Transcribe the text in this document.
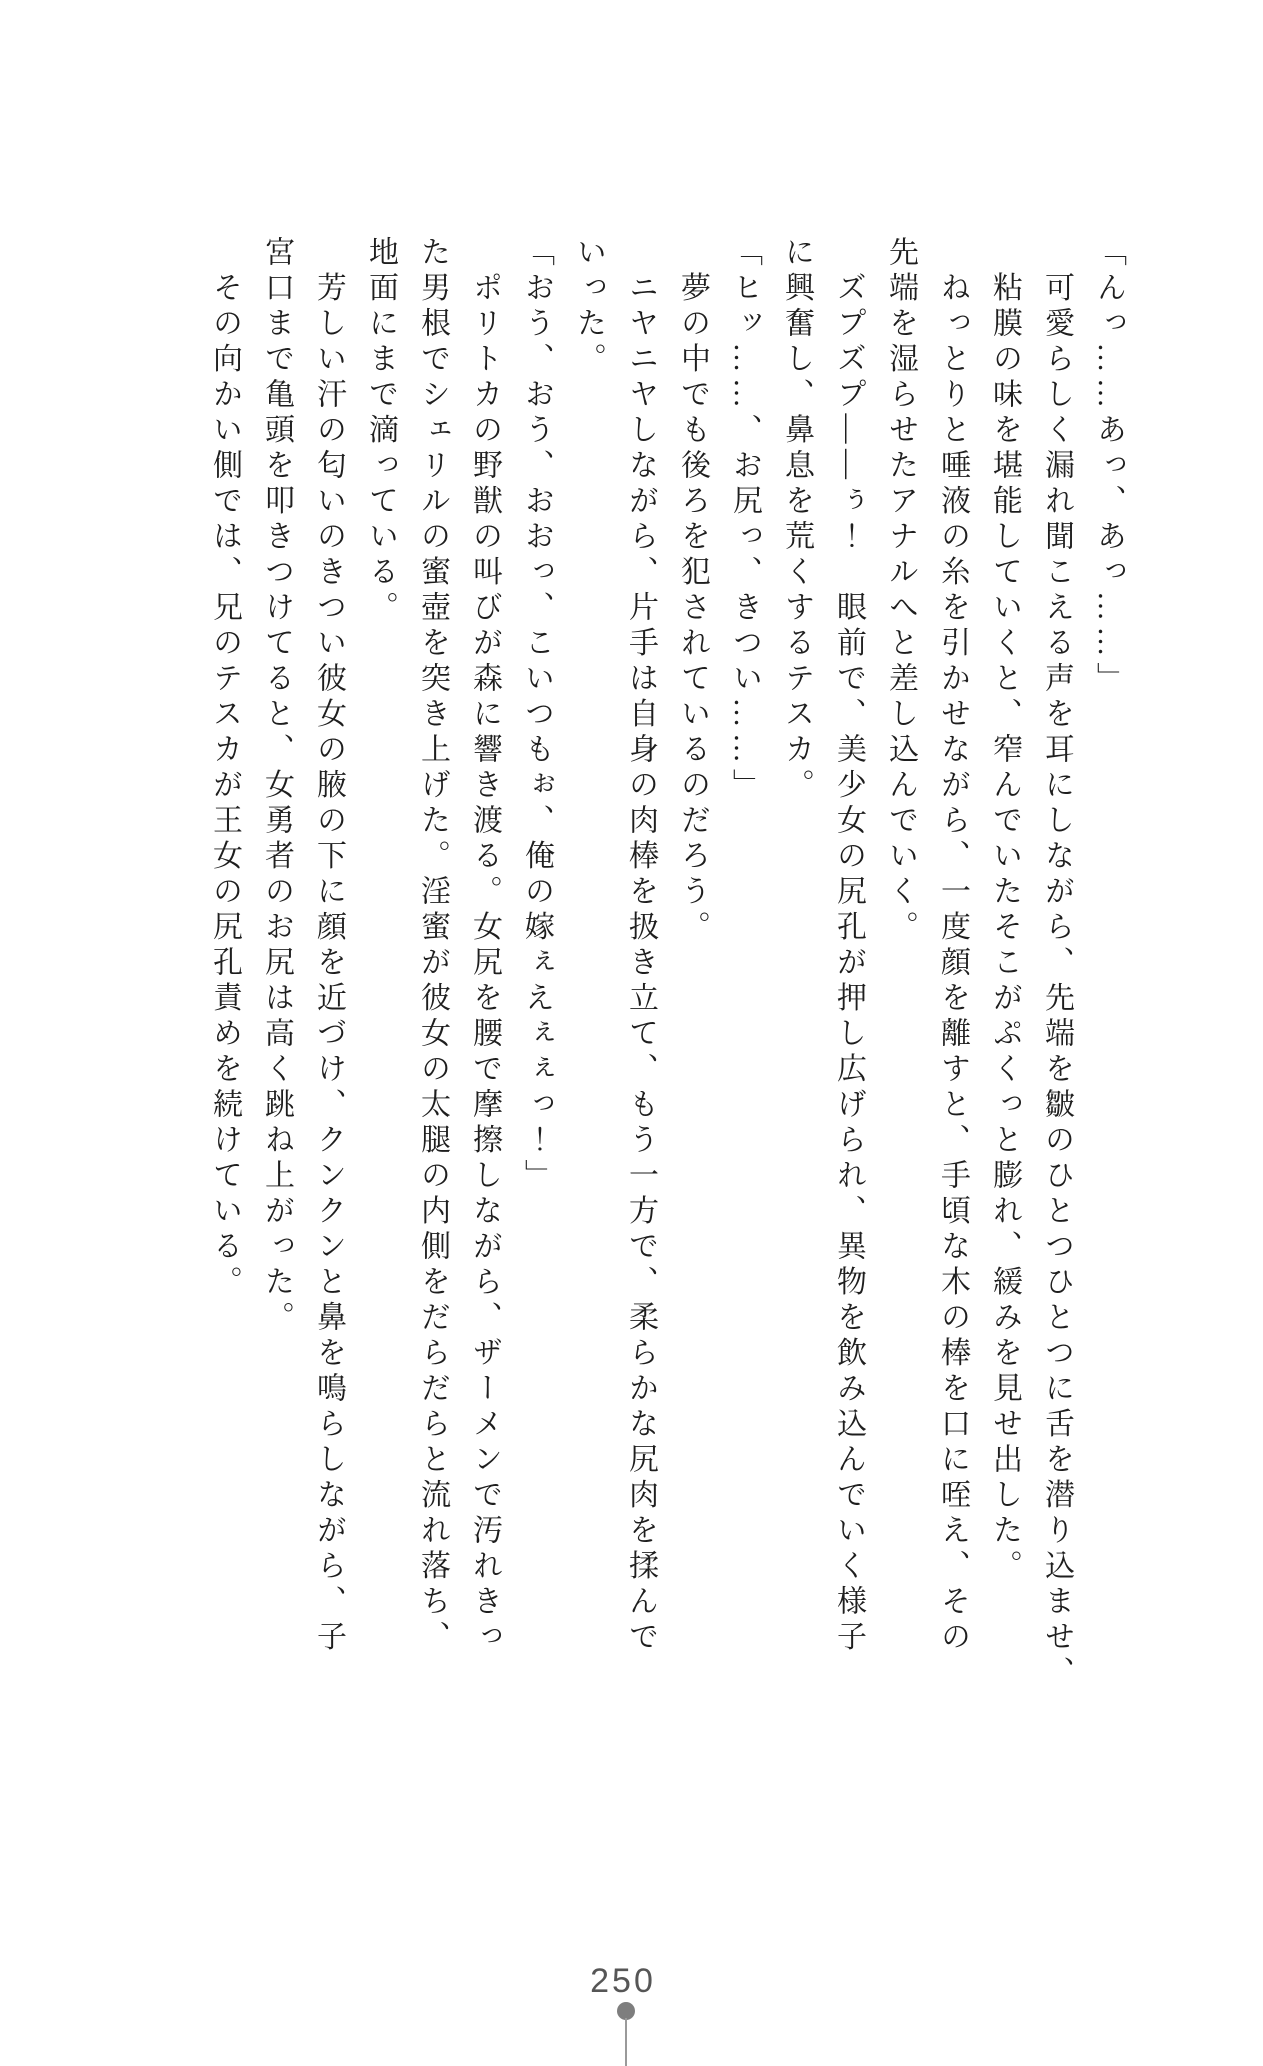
「んっ……あっ、あっ……」
　可愛らしく漏れ聞こえる声を耳にしながら、先端を皺のひとつひとつに舌を潜り込ませ、
　粘膜の味を堪能していくと、窄んでいたそこがぷくっと膨れ、緩みを見せ出した。
　ねっとりと唾液の糸を引かせながら、一度顔を離すと、手頃な木の棒を口に咥え、その
先端を湿らせたアナルへと差し込んでいく。
　ズプズプ――ぅ！　眼前で、美少女の尻孔が押し広げられ、異物を飲み込んでいく様子
に興奮し、鼻息を荒くするテスカ。
「ヒッ……、お尻っ、きつい……」
　夢の中でも後ろを犯されているのだろう。
　ニヤニヤしながら、片手は自身の肉棒を扱き立て、もう一方で、柔らかな尻肉を揉んで
いった。
「おう、おう、おおっ、こいつもぉ、俺の嫁ぇえぇぇっ！」
　ポリトカの野獣の叫びが森に響き渡る。女尻を腰で摩擦しながら、ザーメンで汚れきっ
た男根でシェリルの蜜壺を突き上げた。淫蜜が彼女の太腿の内側をだらだらと流れ落ち、
地面にまで滴っている。
　芳しい汗の匂いのきつい彼女の腋の下に顔を近づけ、クンクンと鼻を鳴らしながら、子
宮口まで亀頭を叩きつけてると、女勇者のお尻は高く跳ね上がった。
　その向かい側では、兄のテスカが王女の尻孔責めを続けている。
250
